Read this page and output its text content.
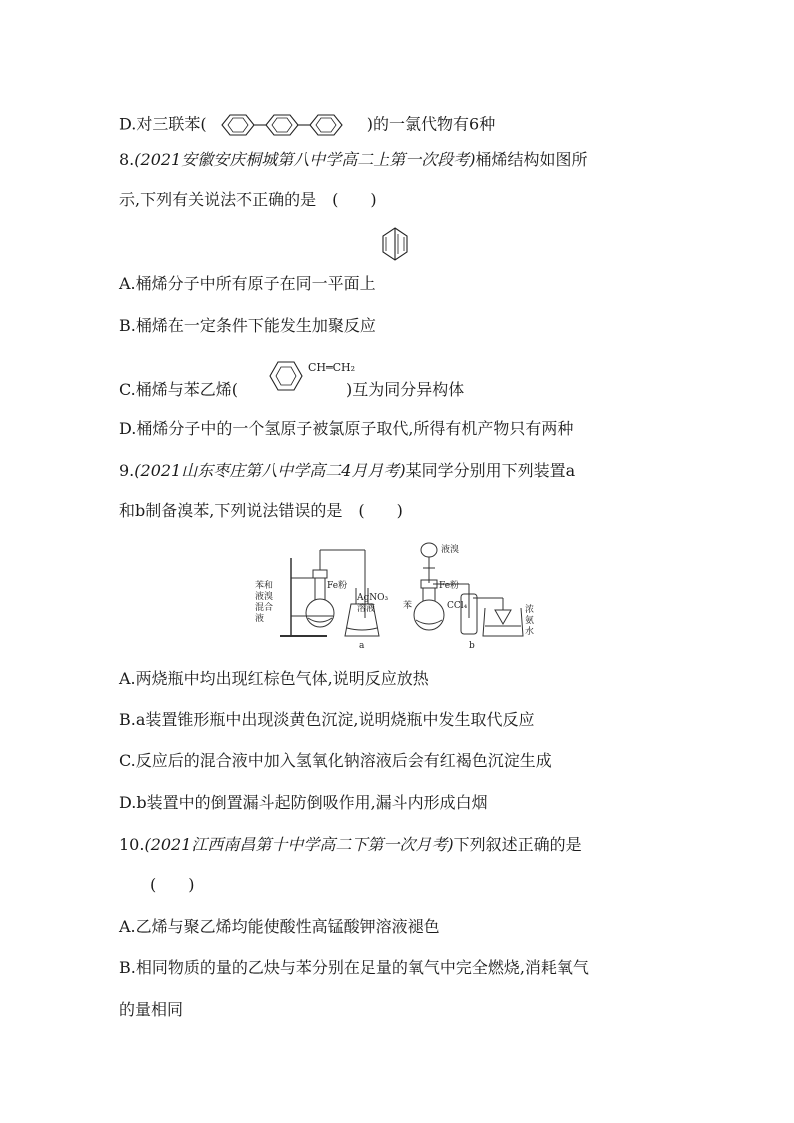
D.对三联苯(	)的一氯代物有6种
8.(2021安徽安庆桐城第八中学高二上第一次段考)桶烯结构如图所
示,下列有关说法不正确的是　(　　)
A.桶烯分子中所有原子在同一平面上
B.桶烯在一定条件下能发生加聚反应
C.桶烯与苯乙烯(	)互为同分异构体
CH═CH₂
D.桶烯分子中的一个氢原子被氯原子取代,所得有机产物只有两种
9.(2021山东枣庄第八中学高二4月月考)某同学分别用下列装置a
和b制备溴苯,下列说法错误的是　(　　)
苯和
液溴
混合
液
Fe粉
AgNO₃
溶液
a
液溴
苯
Fe粉
CCl₄	浓
氨
水
b
A.两烧瓶中均出现红棕色气体,说明反应放热
B.a装置锥形瓶中出现淡黄色沉淀,说明烧瓶中发生取代反应
C.反应后的混合液中加入氢氧化钠溶液后会有红褐色沉淀生成
D.b装置中的倒置漏斗起防倒吸作用,漏斗内形成白烟
10.(2021江西南昌第十中学高二下第一次月考)下列叙述正确的是
(　　)
A.乙烯与聚乙烯均能使酸性高锰酸钾溶液褪色
B.相同物质的量的乙炔与苯分别在足量的氧气中完全燃烧,消耗氧气
的量相同
